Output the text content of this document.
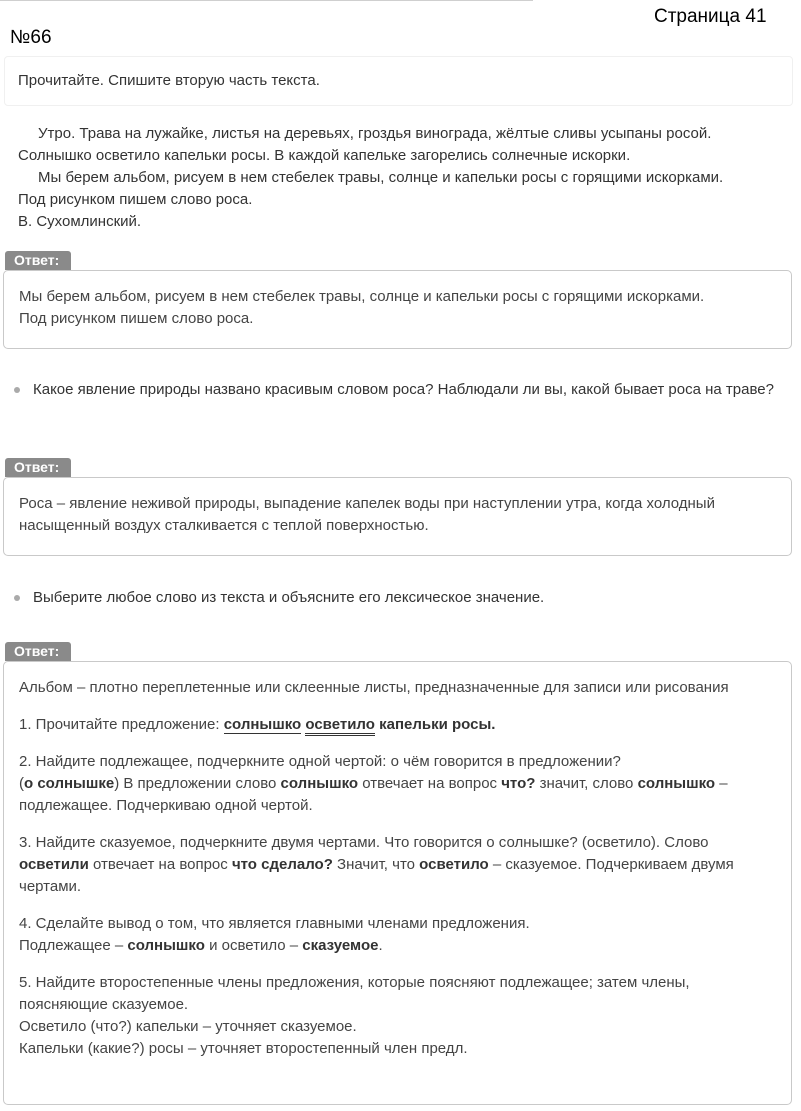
Страница 41
№66
Прочитайте. Спишите вторую часть текста.
Утро. Трава на лужайке, листья на деревьях, гроздья винограда, жёлтые сливы усыпаны росой.
Солнышко осветило капельки росы. В каждой капельке загорелись солнечные искорки.
Мы берем альбом, рисуем в нем стебелек травы, солнце и капельки росы с горящими искорками.
Под рисунком пишем слово роса.
В. Сухомлинский.
Ответ:
Мы берем альбом, рисуем в нем стебелек травы, солнце и капельки росы с горящими искорками.
Под рисунком пишем слово роса.
Какое явление природы названо красивым словом роса? Наблюдали ли вы, какой бывает роса на траве?
Ответ:
Роса – явление неживой природы, выпадение капелек воды при наступлении утра, когда холодный
насыщенный воздух сталкивается с теплой поверхностью.
Выберите любое слово из текста и объясните его лексическое значение.
Ответ:
Альбом – плотно переплетенные или склеенные листы, предназначенные для записи или рисования
1. Прочитайте предложение: солнышко осветило капельки росы.
2. Найдите подлежащее, подчеркните одной чертой: о чём говорится в предложении?
(о солнышке) В предложении слово солнышко отвечает на вопрос что? значит, слово солнышко – подлежащее. Подчеркиваю одной чертой.
3. Найдите сказуемое, подчеркните двумя чертами. Что говорится о солнышке? (осветило). Слово осветили отвечает на вопрос что сделало? Значит, что осветило – сказуемое. Подчеркиваем двумя чертами.
4. Сделайте вывод о том, что является главными членами предложения.
Подлежащее – солнышко и осветило – сказуемое.
5. Найдите второстепенные члены предложения, которые поясняют подлежащее; затем члены, поясняющие сказуемое.
Осветило (что?) капельки – уточняет сказуемое.
Капельки (какие?) росы – уточняет второстепенный член предл.
